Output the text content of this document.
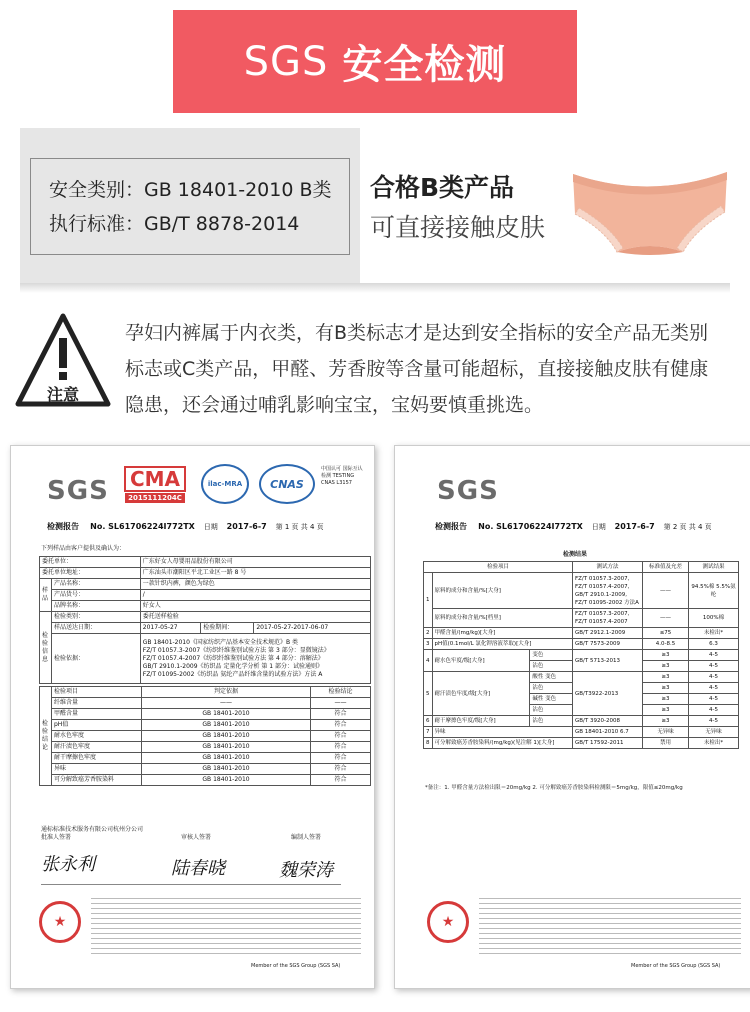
SGS 安全检测
安全类别：GB 18401-2010 B类
执行标准：GB/T 8878-2014
合格B类产品
可直接接触皮肤
注意
孕妇内裤属于内衣类，有B类标志才是达到安全指标的安全产品无类别标志或C类产品，甲醛、芳香胺等含量可能超标，直接接触皮肤有健康隐患，还会通过哺乳影响宝宝，宝妈要慎重挑选。
SGS	CMA
2015111204C
ilac-MRA	CNAS
中国认可 国际互认 检测 TESTING CNAS L3157
检测报告 No. SL61706224I772TX 日期 2017-6-7 第 1 页 共 4 页
下列样品由客户提供及确认为：
委托单位：		广东好女人母婴用品股份有限公司		
委托单位地址：		广东汕头市潮阳区平北工业区一路 8 号		
样
品	产品名称：	一款针织内裤，颜色为绿色		
	产品货号：	/		
	品牌名称：	好女人		
检
验
信
息	检验类别：	委托送样检验		
	样品送达日期：	2017-05-27	检验期间：	2017-05-27-2017-06-07
	检验依据：	GB 18401-2010《国家纺织产品基本安全技术规范》B 类
FZ/T 01057.3-2007《纺织纤维鉴别试验方法 第 3 部分：显微镜法》
FZ/T 01057.4-2007《纺织纤维鉴别试验方法 第 4 部分：溶解法》
GB/T 2910.1-2009《纺织品 定量化学分析 第 1 部分：试验通则》
FZ/T 01095-2002《纺织品 氨纶产品纤维含量的试验方法》方法 A		
检
验
结
论	检验项目	判定依据	检验结论
	纤维含量	——	——
	甲醛含量	GB 18401-2010	符合
	pH值	GB 18401-2010	符合
	耐水色牢度	GB 18401-2010	符合
	耐汗渍色牢度	GB 18401-2010	符合
	耐干摩擦色牢度	GB 18401-2010	符合
	异味	GB 18401-2010	符合
	可分解致癌芳香胺染料	GB 18401-2010	符合
通标标准技术服务有限公司杭州分公司
批准人签署	审核人签署	编制人签署
张永利	陆春晓	魏荣涛
★
Member of the SGS Group (SGS SA)
SGS
检测报告 No. SL61706224I772TX 日期 2017-6-7 第 2 页 共 4 页
检测结果
检验项目			测试方法	标准值及允差	测试结果
1	原料的成分和含量/%[大身]		FZ/T 01057.3-2007, FZ/T 01057.4-2007, GB/T 2910.1-2009, FZ/T 01095-2002 方法A	——	94.5%棉 5.5%氨纶
	原料的成分和含量/%[档里]		FZ/T 01057.3-2007, FZ/T 01057.4-2007	——	100%棉
2	甲醛含量/(mg/kg)[大身]		GB/T 2912.1-2009	≤75	未检出*
3	pH值(0.1mol/L 氯化钾溶液萃取)[大身]		GB/T 7573-2009	4.0-8.5	6.3
4	耐水色牢度/级[大身]	变色	GB/T 5713-2013	≥3	4-5
		沾色		≥3	4-5
5	耐汗渍色牢度/级[大身]	酸性 变色	GB/T3922-2013	≥3	4-5
		沾色		≥3	4-5
		碱性 变色		≥3	4-5
		沾色		≥3	4-5
6	耐干摩擦色牢度/级[大身]	沾色	GB/T 3920-2008	≥3	4-5
7	异味		GB 18401-2010 6.7	无异味	无异味
8	可分解致癌芳香胺染料/(mg/kg)(见注解 1)[大身]		GB/T 17592-2011	禁用	未检出*
*备注：1. 甲醛含量方法检出限＝20mg/kg 2. 可分解致癌芳香胺染料检测限＝5mg/kg，限值≤20mg/kg
★
Member of the SGS Group (SGS SA)
